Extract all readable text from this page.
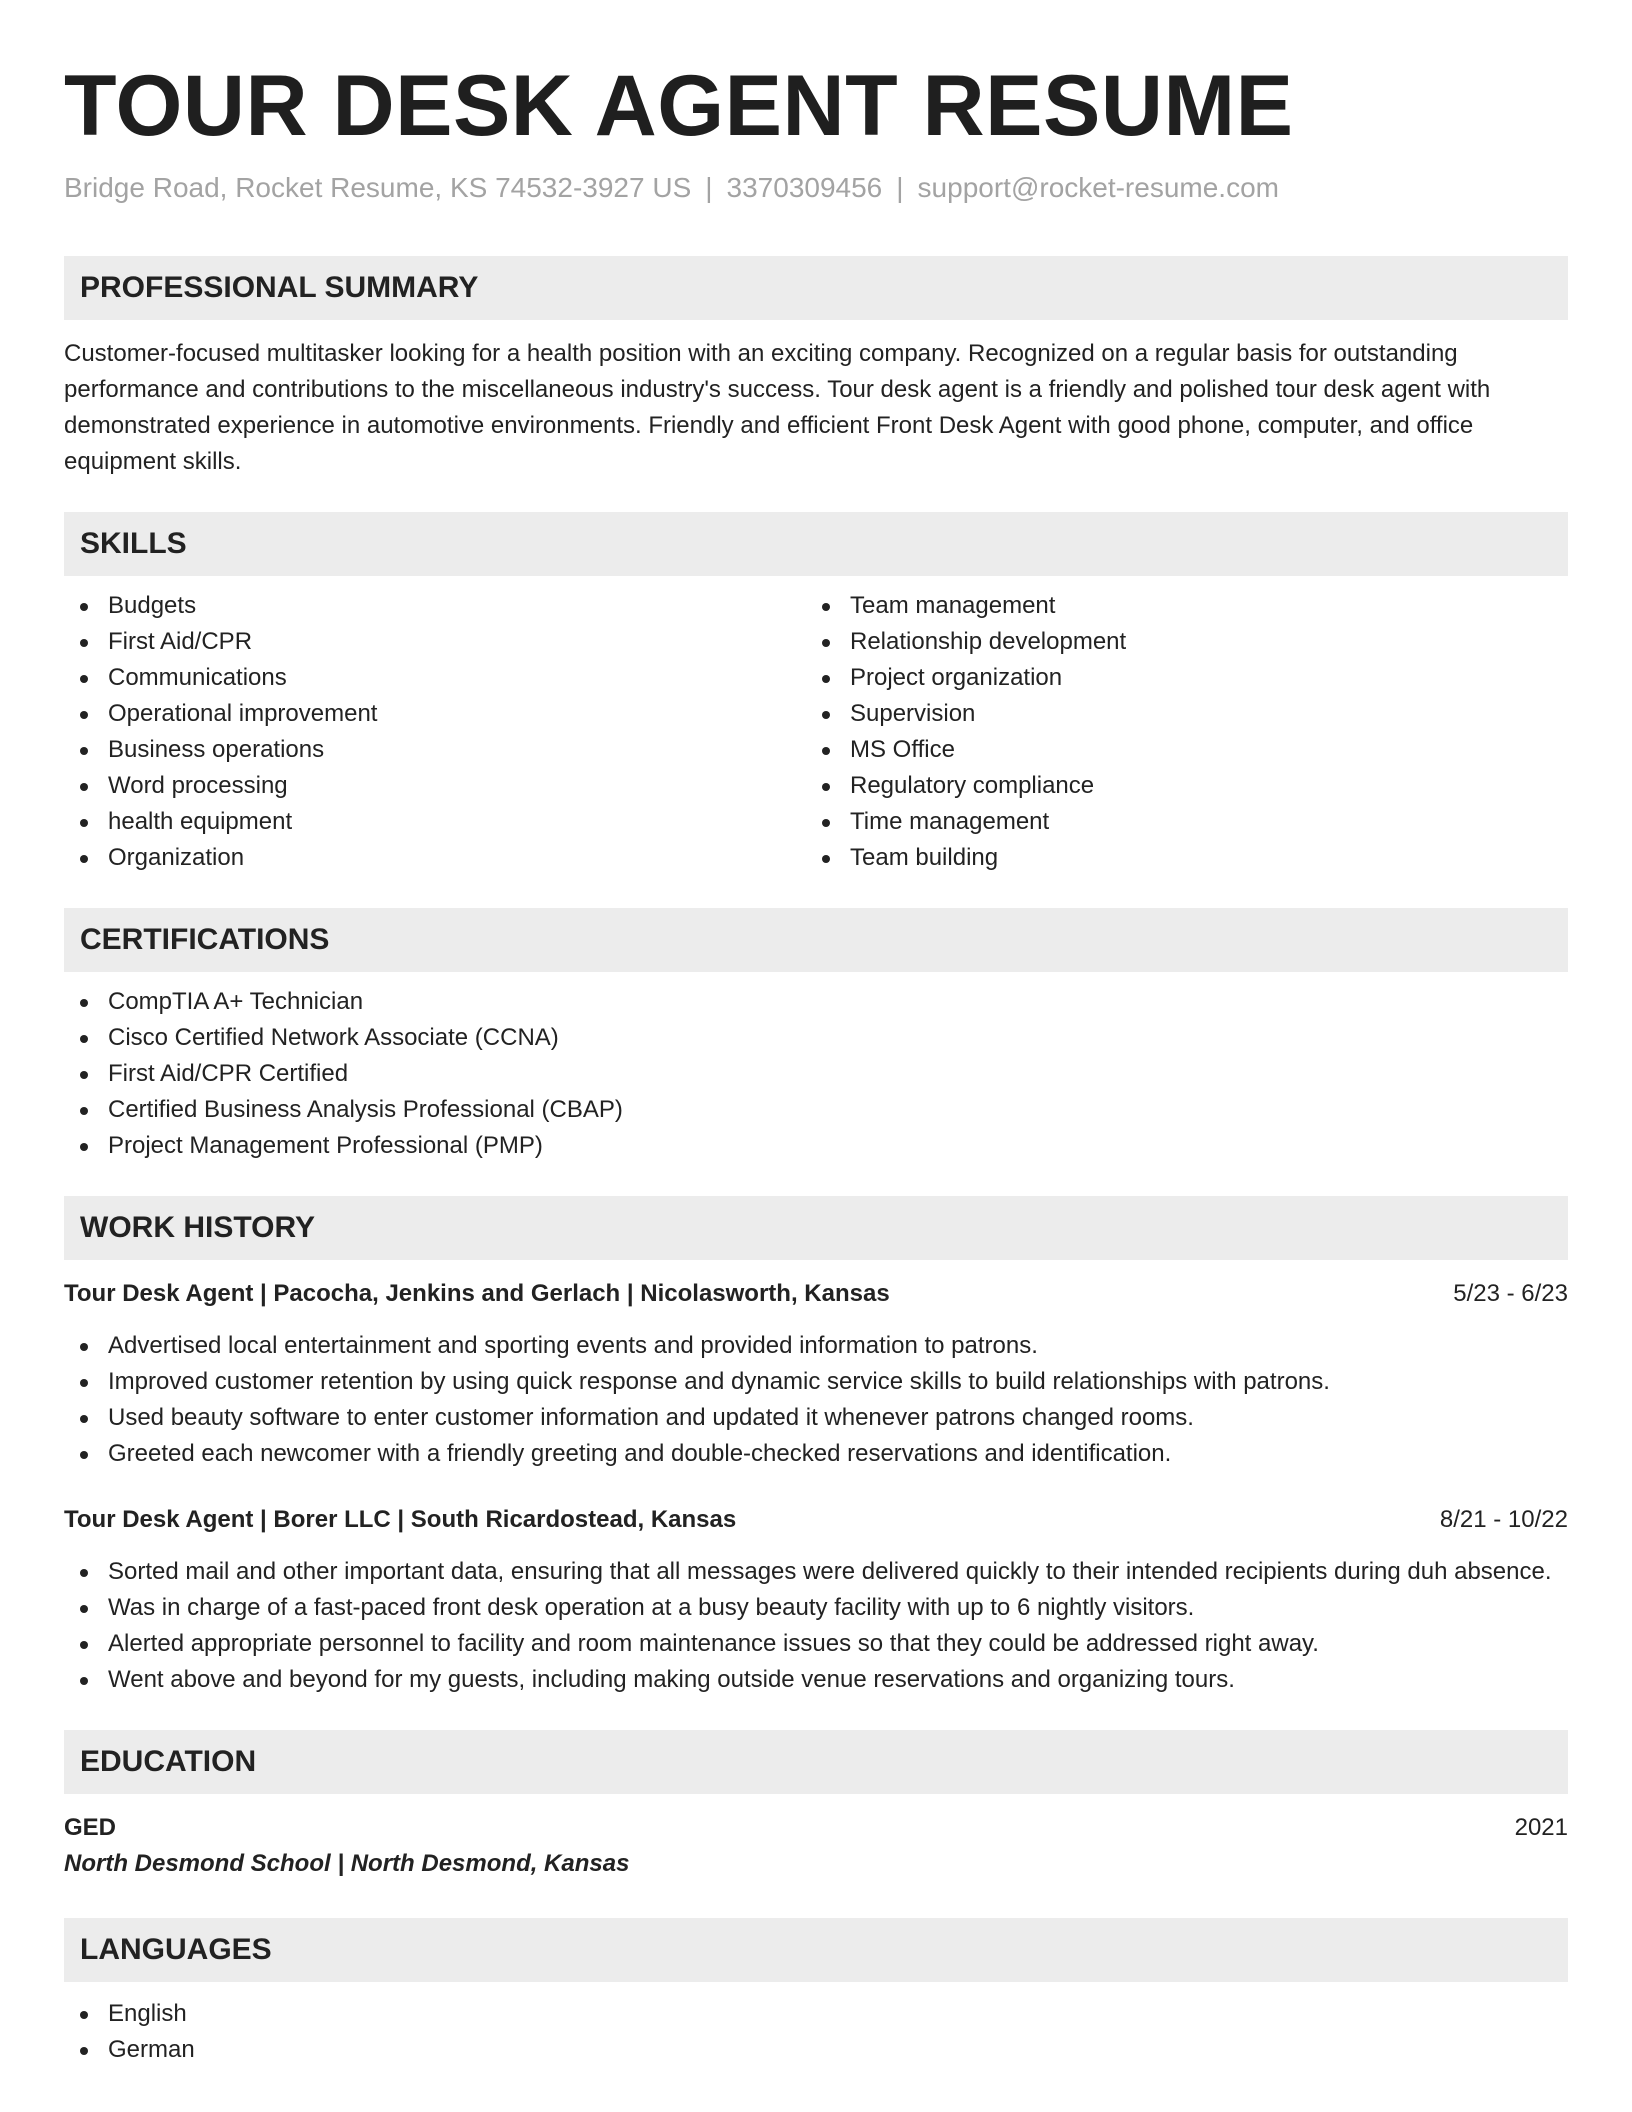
TOUR DESK AGENT RESUME
Bridge Road, Rocket Resume, KS 74532-3927 US | 3370309456 | support@rocket-resume.com
PROFESSIONAL SUMMARY

Customer-focused multitasker looking for a health position with an exciting company. Recognized on a regular basis for outstanding performance and contributions to the miscellaneous industry's success. Tour desk agent is a friendly and polished tour desk agent with demonstrated experience in automotive environments. Friendly and efficient Front Desk Agent with good phone, computer, and office equipment skills.

SKILLS
Budgets
First Aid/CPR
Communications
Operational improvement
Business operations
Word processing
health equipment
Organization
Team management
Relationship development
Project organization
Supervision
MS Office
Regulatory compliance
Time management
Team building
CERTIFICATIONS
CompTIA A+ Technician
Cisco Certified Network Associate (CCNA)
First Aid/CPR Certified
Certified Business Analysis Professional (CBAP)
Project Management Professional (PMP)
WORK HISTORY
Tour Desk Agent | Pacocha, Jenkins and Gerlach | Nicolasworth, Kansas	5/23 - 6/23
Advertised local entertainment and sporting events and provided information to patrons.
Improved customer retention by using quick response and dynamic service skills to build relationships with patrons.
Used beauty software to enter customer information and updated it whenever patrons changed rooms.
Greeted each newcomer with a friendly greeting and double-checked reservations and identification.
Tour Desk Agent | Borer LLC | South Ricardostead, Kansas	8/21 - 10/22
Sorted mail and other important data, ensuring that all messages were delivered quickly to their intended recipients during duh absence.
Was in charge of a fast-paced front desk operation at a busy beauty facility with up to 6 nightly visitors.
Alerted appropriate personnel to facility and room maintenance issues so that they could be addressed right away.
Went above and beyond for my guests, including making outside venue reservations and organizing tours.
EDUCATION
GED	2021
North Desmond School | North Desmond, Kansas
LANGUAGES
English
German
